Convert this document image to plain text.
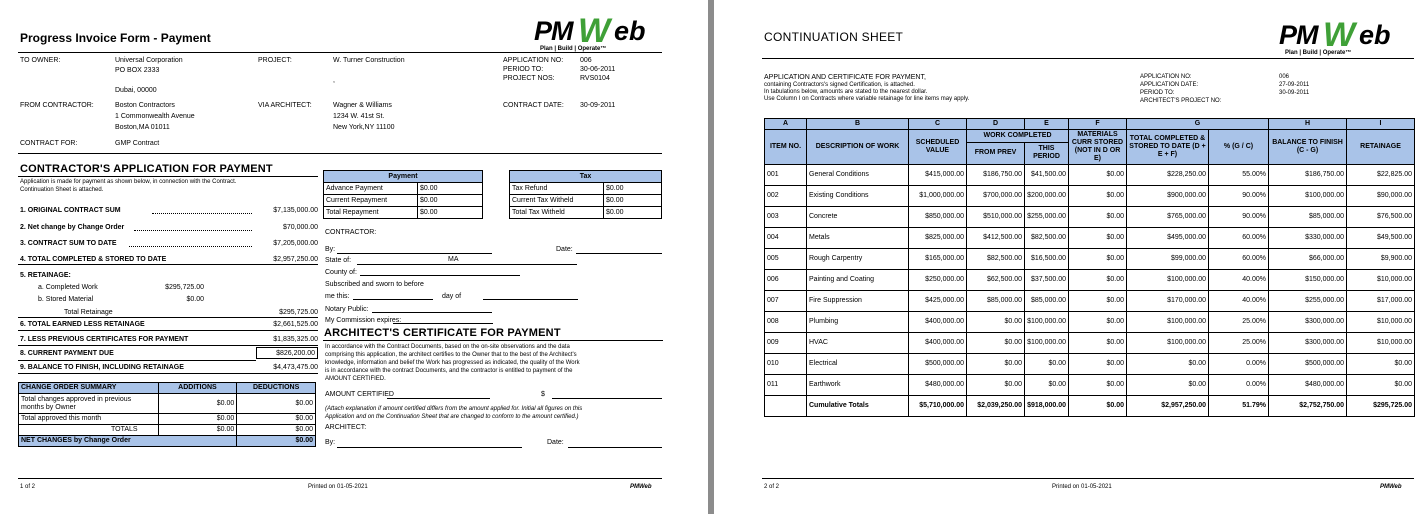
Progress Invoice Form - Payment	PM W eb
Plan | Build | Operate™
TO OWNER:	Universal Corporation
PO BOX 2333
Dubai, 00000
PROJECT:	W. Turner Construction
,
APPLICATION NO: 006
PERIOD TO:	30-06-2011
PROJECT NOS:	RVS0104
FROM CONTRACTOR:	Boston Contractors
1 Commonwealth Avenue
Boston,MA 01011
VIA ARCHITECT:	Wagner & Williams
1234 W. 41st St.
New York,NY 11100
CONTRACT DATE: 30-09-2011
CONTRACT FOR:	GMP Contract
CONTRACTOR'S APPLICATION FOR PAYMENT
Application is made for payment as shown below, in connection with the Contract.
Continuation Sheet is attached.
1. ORIGINAL CONTRACT SUM	$7,135,000.00
2. Net change by Change Order	$70,000.00
3. CONTRACT SUM TO DATE	$7,205,000.00
4. TOTAL COMPLETED & STORED TO DATE	$2,957,250.00
5. RETAINAGE:
a. Completed Work	$295,725.00
b. Stored Material	$0.00
Total Retainage	$295,725.00
6. TOTAL EARNED LESS RETAINAGE	$2,661,525.00
7. LESS PREVIOUS CERTIFICATES FOR PAYMENT	$1,835,325.00
8. CURRENT PAYMENT DUE	$826,200.00
9. BALANCE TO FINISH, INCLUDING RETAINAGE	$4,473,475.00
CHANGE ORDER SUMMARY	ADDITIONS	DEDUCTIONS
Total changes approved in previous months by Owner	$0.00	$0.00
Total approved this month	$0.00	$0.00
TOTALS	$0.00	$0.00
NET CHANGES by Change Order		$0.00
Payment	
Advance Payment	$0.00
Current Repayment	$0.00
Total Repayment	$0.00
Tax	
Tax Refund	$0.00
Current Tax Witheld	$0.00
Total Tax Witheld	$0.00
CONTRACTOR:
By:	Date:
State of:	MA
County of:
Subscribed and sworn to before
me this:	day of
Notary Public:
My Commission expires:
ARCHITECT'S CERTIFICATE FOR PAYMENT
In accordance with the Contract Documents, based on the on-site observations and the data
comprising this application, the architect certifies to the Owner that to the best of the Architect's
knowledge, information and belief the Work has progressed as indicated, the quality of the Work
is in accordance with the contract Documents, and the contractor is entitled to payment of the
AMOUNT CERTIFIED.
AMOUNT CERTIFIED	$
(Attach explanation if amount certified differs from the amount applied for. Initial all figures on this
Application and on the Continuation Sheet that are changed to conform to the amount certified.)
ARCHITECT:
By:	Date:
1 of 2	Printed on 01-05-2021	PMWeb
CONTINUATION SHEET	PM W eb
Plan | Build | Operate™
APPLICATION AND CERTIFICATE FOR PAYMENT,
containing Contractors's signed Certification, is attached.
In tabulations below, amounts are stated to the nearest dollar.
Use Column I on Contracts where variable retainage for line items may apply.
APPLICATION NO:	006
APPLICATION DATE:	27-09-2011
PERIOD TO:	30-09-2011
ARCHITECT'S PROJECT NO:
A	B	C	D	E	F	G		H	I
ITEM NO.	DESCRIPTION OF WORK	SCHEDULED VALUE	WORK COMPLETED		MATERIALS CURR STORED (NOT IN D OR E)	TOTAL COMPLETED & STORED TO DATE (D + E + F)	% (G / C)	BALANCE TO FINISH (C - G)	RETAINAGE
			FROM PREV	THIS PERIOD					
001	General Conditions	$415,000.00	$186,750.00	$41,500.00	$0.00	$228,250.00	55.00%	$186,750.00	$22,825.00
002	Existing Conditions	$1,000,000.00	$700,000.00	$200,000.00	$0.00	$900,000.00	90.00%	$100,000.00	$90,000.00
003	Concrete	$850,000.00	$510,000.00	$255,000.00	$0.00	$765,000.00	90.00%	$85,000.00	$76,500.00
004	Metals	$825,000.00	$412,500.00	$82,500.00	$0.00	$495,000.00	60.00%	$330,000.00	$49,500.00
005	Rough Carpentry	$165,000.00	$82,500.00	$16,500.00	$0.00	$99,000.00	60.00%	$66,000.00	$9,900.00
006	Painting and Coating	$250,000.00	$62,500.00	$37,500.00	$0.00	$100,000.00	40.00%	$150,000.00	$10,000.00
007	Fire Suppression	$425,000.00	$85,000.00	$85,000.00	$0.00	$170,000.00	40.00%	$255,000.00	$17,000.00
008	Plumbing	$400,000.00	$0.00	$100,000.00	$0.00	$100,000.00	25.00%	$300,000.00	$10,000.00
009	HVAC	$400,000.00	$0.00	$100,000.00	$0.00	$100,000.00	25.00%	$300,000.00	$10,000.00
010	Electrical	$500,000.00	$0.00	$0.00	$0.00	$0.00	0.00%	$500,000.00	$0.00
011	Earthwork	$480,000.00	$0.00	$0.00	$0.00	$0.00	0.00%	$480,000.00	$0.00
	Cumulative Totals	$5,710,000.00	$2,039,250.00	$918,000.00	$0.00	$2,957,250.00	51.79%	$2,752,750.00	$295,725.00
2 of 2	Printed on 01-05-2021	PMWeb
